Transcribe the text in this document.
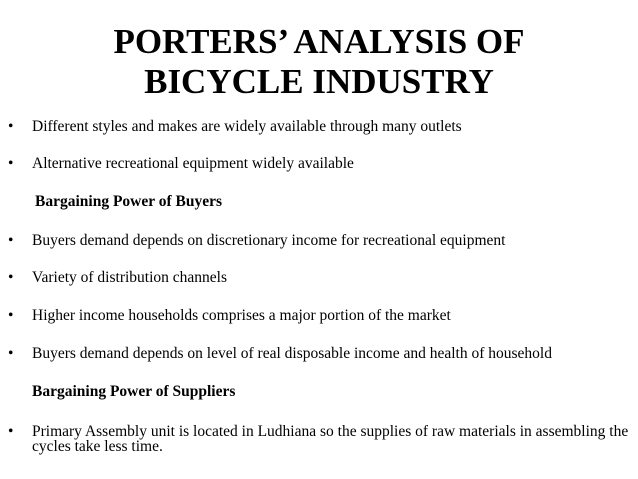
PORTERS’ ANALYSIS OF
BICYCLE INDUSTRY
• Different styles and makes are widely available through many outlets
• Alternative recreational equipment widely available
Bargaining Power of Buyers
• Buyers demand depends on discretionary income for recreational equipment
• Variety of distribution channels
• Higher income households comprises a major portion of the market
• Buyers demand depends on level of real disposable income and health of household
Bargaining Power of Suppliers
• Primary Assembly unit is located in Ludhiana so the supplies of raw materials in assembling the
cycles take less time.
